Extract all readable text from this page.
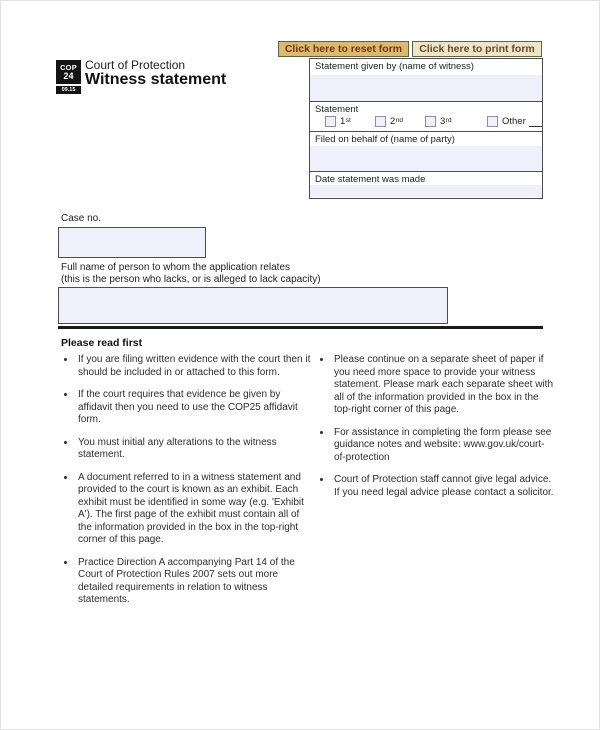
Click here to reset form	Click here to print form
COP
24
09.15
Court of Protection
Witness statement
Statement given by (name of witness)
Statement
1 st	2 nd	3 rd	Other
Filed on behalf of (name of party)
Date statement was made
Case no.
Full name of person to whom the application relates
(this is the person who lacks, or is alleged to lack capacity)
Please read first
• If you are filing written evidence with the court then it should be included in or attached to this form.
• If the court requires that evidence be given by affidavit then you need to use the COP25 affidavit form.
• You must initial any alterations to the witness statement.
• A document referred to in a witness statement and provided to the court is known as an exhibit. Each exhibit must be identified in some way (e.g. 'Exhibit A'). The first page of the exhibit must contain all of the information provided in the box in the top-right corner of this page.
• Practice Direction A accompanying Part 14 of the Court of Protection Rules 2007 sets out more detailed requirements in relation to witness statements.
• Please continue on a separate sheet of paper if you need more space to provide your witness statement. Please mark each separate sheet with all of the information provided in the box in the top-right corner of this page.
• For assistance in completing the form please see guidance notes and website: www.gov.uk/court-of-protection
• Court of Protection staff cannot give legal advice. If you need legal advice please contact a solicitor.
